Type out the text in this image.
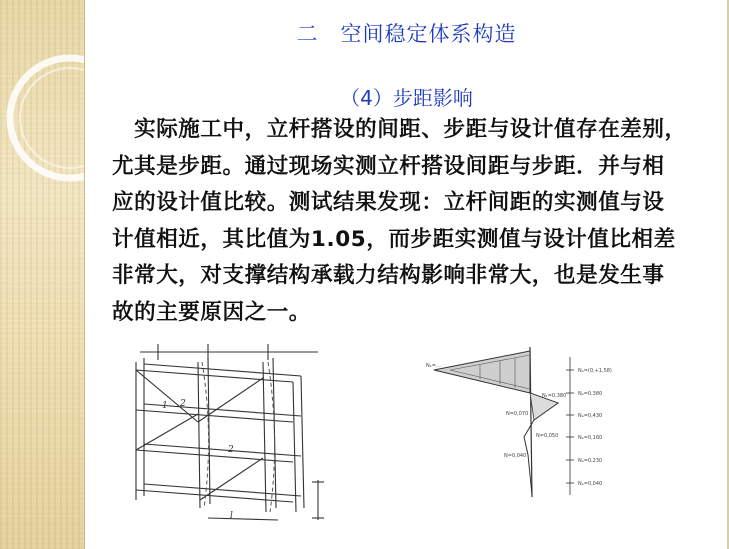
二 空间稳定体系构造
（4）步距影响

　实际施工中，立杆搭设的间距、步距与设计值存在差别，
尤其是步距。通过现场实测立杆搭设间距与步距．并与相
应的设计值比较。测试结果发现：立杆间距的实测值与设
计值相近，其比值为1.05，而步距实测值与设计值比相差
非常大，对支撑结构承载力结构影响非常大，也是发生事
故的主要原因之一。

1 2
2
l
Nₐ=(0,+1,58)
Nₐ=0,380
Nₐ=0,430
Nₐ=0,160
Nₐ=0,230
Nₐ=0,040
N₁=…
N₁=0,380
N=0,070
N=0,050
N=0,040
